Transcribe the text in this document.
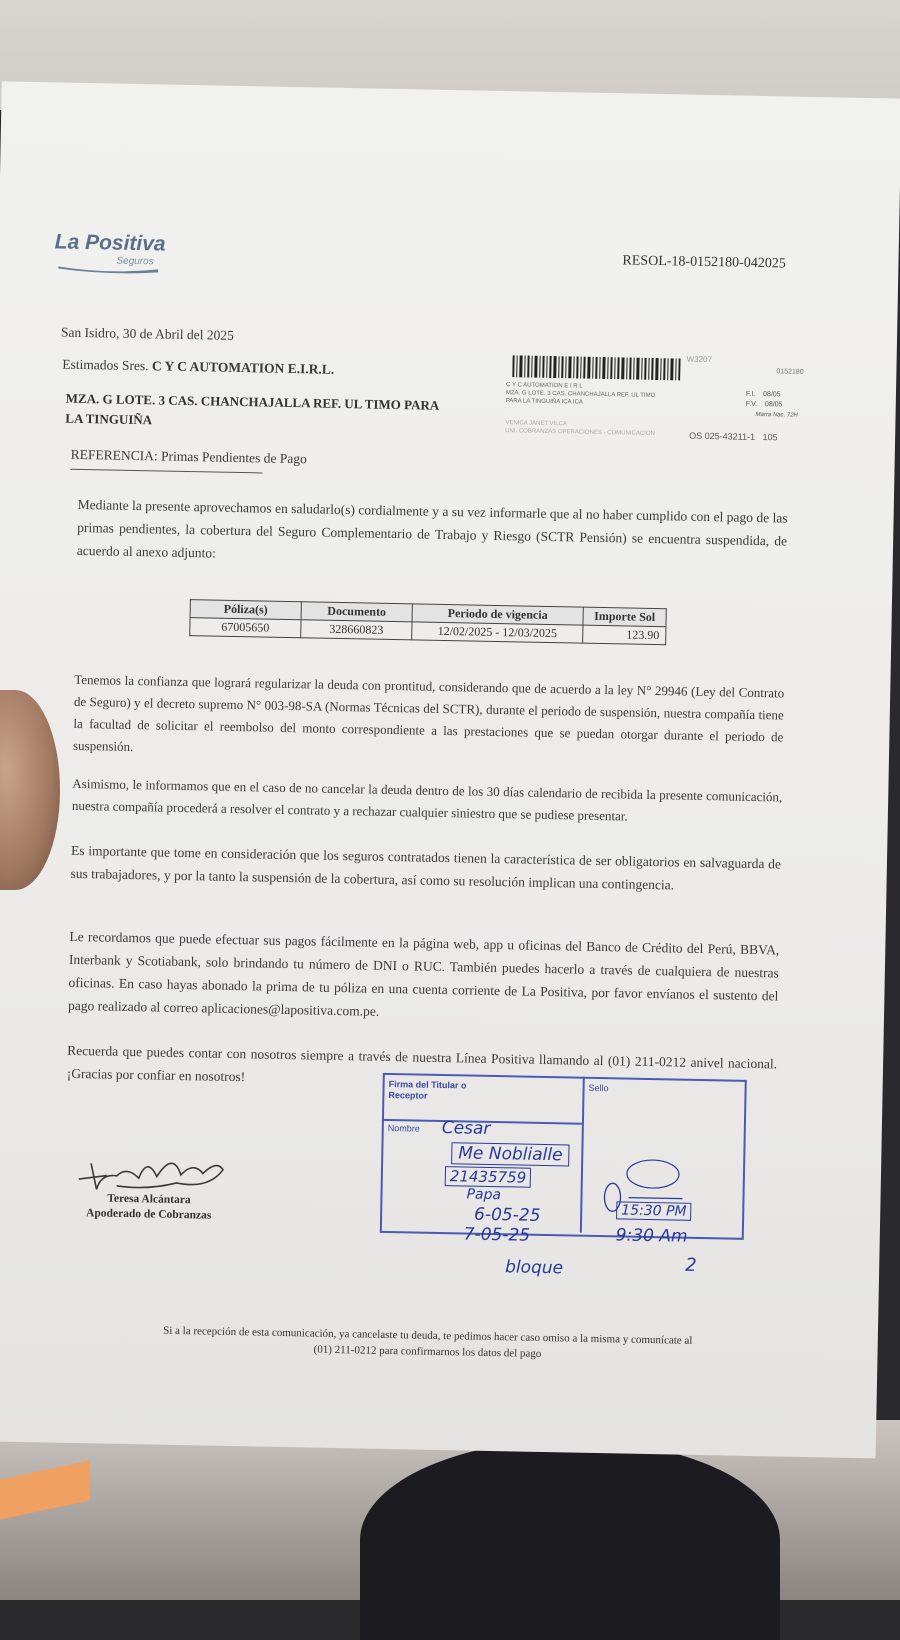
La Positiva
Seguros	RESOL-18-0152180-042025
San Isidro, 30 de Abril del 2025
Estimados Sres. C Y C AUTOMATION E.I.R.L.
MZA. G LOTE. 3 CAS. CHANCHAJALLA REF. UL TIMO PARA
LA TINGUIÑA
REFERENCIA: Primas Pendientes de Pago
W3207
0152180
C Y C AUTOMATION E I R L
MZA. G LOTE. 3 CAS. CHANCHAJALLA REF. UL TIMO
PARA LA TINGUIÑA ICA ICA
VENICA JANET VILCA
UNI. COBRANZAS OPERACIONES - COMUNICACION
F.I. 08/05
F.V. 08/05
Marra Nac. 72H
OS 025-43211-1 105
Mediante la presente aprovechamos en saludarlo(s) cordialmente y a su vez informarle que al no haber cumplido con el pago de las primas pendientes, la cobertura del Seguro Complementario de Trabajo y Riesgo (SCTR Pensión) se encuentra suspendida, de acuerdo al anexo adjunto:
Póliza(s)	Documento	Periodo de vigencia	Importe Sol
67005650	328660823	12/02/2025 - 12/03/2025	123.90
Tenemos la confianza que logrará regularizar la deuda con prontitud, considerando que de acuerdo a la ley N° 29946 (Ley del Contrato de Seguro) y el decreto supremo N° 003-98-SA (Normas Técnicas del SCTR), durante el periodo de suspensión, nuestra compañía tiene la facultad de solicitar el reembolso del monto correspondiente a las prestaciones que se puedan otorgar durante el periodo de suspensión.
Asimismo, le informamos que en el caso de no cancelar la deuda dentro de los 30 días calendario de recibida la presente comunicación, nuestra compañía procederá a resolver el contrato y a rechazar cualquier siniestro que se pudiese presentar.
Es importante que tome en consideración que los seguros contratados tienen la característica de ser obligatorios en salvaguarda de sus trabajadores, y por la tanto la suspensión de la cobertura, así como su resolución implican una contingencia.
Le recordamos que puede efectuar sus pagos fácilmente en la página web, app u oficinas del Banco de Crédito del Perú, BBVA, Interbank y Scotiabank, solo brindando tu número de DNI o RUC. También puedes hacerlo a través de cualquiera de nuestras oficinas. En caso hayas abonado la prima de tu póliza en una cuenta corriente de La Positiva, por favor envíanos el sustento del pago realizado al correo aplicaciones@lapositiva.com.pe.
Recuerda que puedes contar con nosotros siempre a través de nuestra Línea Positiva llamando al (01) 211-0212 anivel nacional. ¡Gracias por confiar en nosotros!
Teresa Alcántara
Apoderado de Cobranzas
Firma del Titular o Receptor
Nombre
Sello
Cesar
Me Noblialle
21435759
Papa
6-05-25
7-05-25
15:30 PM
9:30 Am
bloque	2
Si a la recepción de esta comunicación, ya cancelaste tu deuda, te pedimos hacer caso omiso a la misma y comunícate al
(01) 211-0212 para confirmarnos los datos del pago
